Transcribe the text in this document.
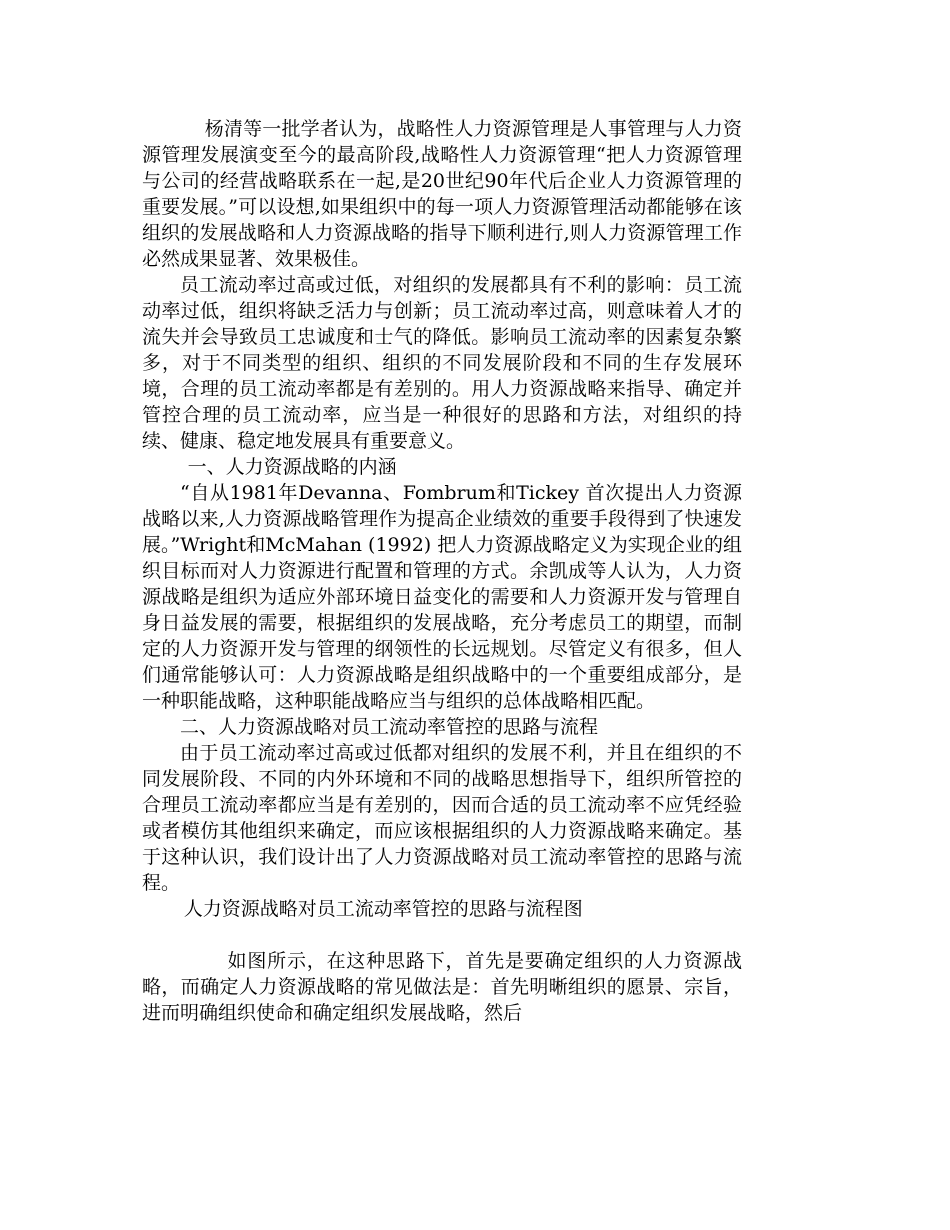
杨清等一批学者认为，战略性人力资源管理是人事管理与人力资源管理发展演变至今的最高阶段,战略性人力资源管理“把人力资源管理与公司的经营战略联系在一起,是20世纪90年代后企业人力资源管理的重要发展。”可以设想,如果组织中的每一项人力资源管理活动都能够在该组织的发展战略和人力资源战略的指导下顺利进行,则人力资源管理工作必然成果显著、效果极佳。

员工流动率过高或过低，对组织的发展都具有不利的影响：员工流动率过低，组织将缺乏活力与创新；员工流动率过高，则意味着人才的流失并会导致员工忠诚度和士气的降低。影响员工流动率的因素复杂繁多，对于不同类型的组织、组织的不同发展阶段和不同的生存发展环境，合理的员工流动率都是有差别的。用人力资源战略来指导、确定并管控合理的员工流动率，应当是一种很好的思路和方法，对组织的持续、健康、稳定地发展具有重要意义。

一、人力资源战略的内涵

“自从1981年Devanna、Fombrum和Tickey 首次提出人力资源战略以来,人力资源战略管理作为提高企业绩效的重要手段得到了快速发展。”Wright和McMahan (1992) 把人力资源战略定义为实现企业的组织目标而对人力资源进行配置和管理的方式。余凯成等人认为，人力资源战略是组织为适应外部环境日益变化的需要和人力资源开发与管理自身日益发展的需要，根据组织的发展战略，充分考虑员工的期望，而制定的人力资源开发与管理的纲领性的长远规划。尽管定义有很多，但人们通常能够认可：人力资源战略是组织战略中的一个重要组成部分，是一种职能战略，这种职能战略应当与组织的总体战略相匹配。

二、人力资源战略对员工流动率管控的思路与流程

由于员工流动率过高或过低都对组织的发展不利，并且在组织的不同发展阶段、不同的内外环境和不同的战略思想指导下，组织所管控的合理员工流动率都应当是有差别的，因而合适的员工流动率不应凭经验或者模仿其他组织来确定，而应该根据组织的人力资源战略来确定。基于这种认识，我们设计出了人力资源战略对员工流动率管控的思路与流程。

人力资源战略对员工流动率管控的思路与流程图

如图所示，在这种思路下，首先是要确定组织的人力资源战略，而确定人力资源战略的常见做法是：首先明晰组织的愿景、宗旨，进而明确组织使命和确定组织发展战略，然后
